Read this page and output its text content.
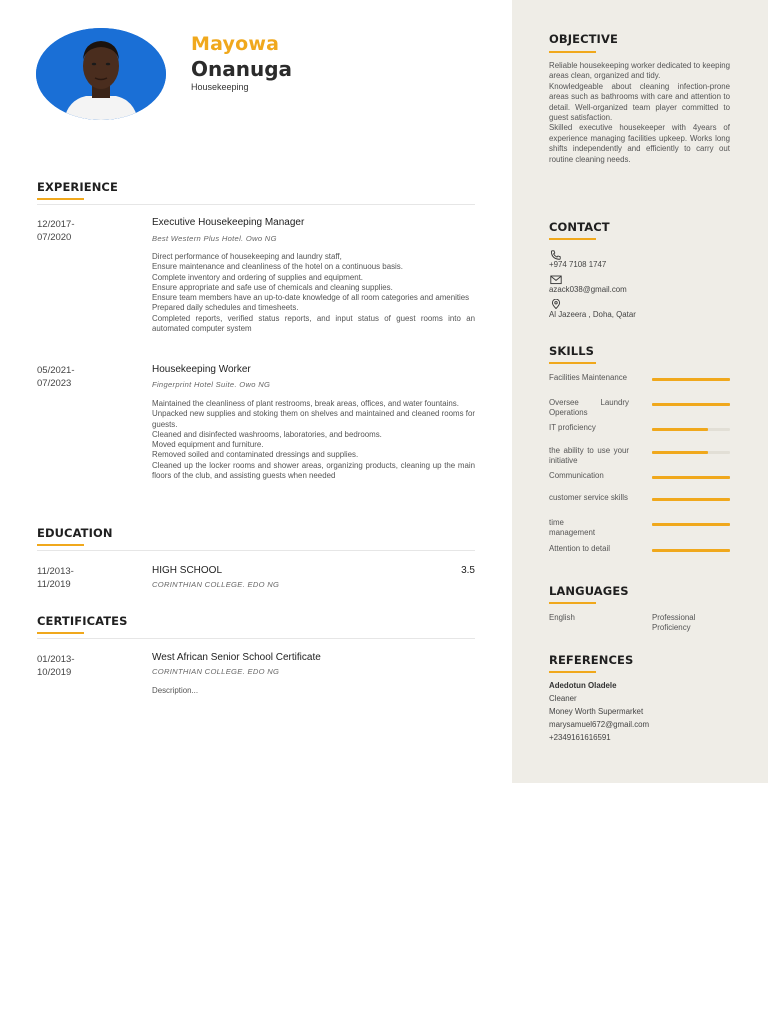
Mayowa
Onanuga
Housekeeping
EXPERIENCE
12/2017-
07/2020
Executive Housekeeping Manager
Best Western Plus Hotel. Owo NG
Direct performance of housekeeping and laundry staff,
Ensure maintenance and cleanliness of the hotel on a continuous basis.
Complete inventory and ordering of supplies and equipment.
Ensure appropriate and safe use of chemicals and cleaning supplies.
Ensure team members have an up-to-date knowledge of all room categories and amenities
Prepared daily schedules and timesheets.
Completed reports, verified status reports, and input status of guest rooms into an automated computer system
05/2021-
07/2023
Housekeeping Worker
Fingerprint Hotel Suite. Owo NG
Maintained the cleanliness of plant restrooms, break areas, offices, and water fountains.
Unpacked new supplies and stoking them on shelves and maintained and cleaned rooms for guests.
Cleaned and disinfected washrooms, laboratories, and bedrooms.
Moved equipment and furniture.
Removed soiled and contaminated dressings and supplies.
Cleaned up the locker rooms and shower areas, organizing products, cleaning up the main floors of the club, and assisting guests when needed
EDUCATION
11/2013-
11/2019
HIGH SCHOOL	3.5
CORINTHIAN COLLEGE. EDO NG
CERTIFICATES
01/2013-
10/2019
West African Senior School Certificate
CORINTHIAN COLLEGE. EDO NG
Description...
OBJECTIVE
Reliable housekeeping worker dedicated to keeping areas clean, organized and tidy.
Knowledgeable about cleaning infection-prone areas such as bathrooms with care and attention to detail. Well-organized team player committed to guest satisfaction.
Skilled executive housekeeper with 4years of experience managing facilities upkeep. Works long shifts independently and efficiently to carry out routine cleaning needs.
CONTACT
+974 7108 1747
azack038@gmail.com
Al Jazeera , Doha, Qatar
SKILLS
Facilities Maintenance
Oversee Laundry Operations
IT proficiency
the ability to use your initiative
Communication
customer service skills
time management
Attention to detail
LANGUAGES
English	Professional Proficiency
REFERENCES
Adedotun Oladele
Cleaner
Money Worth Supermarket
marysamuel672@gmail.com
+2349161616591
